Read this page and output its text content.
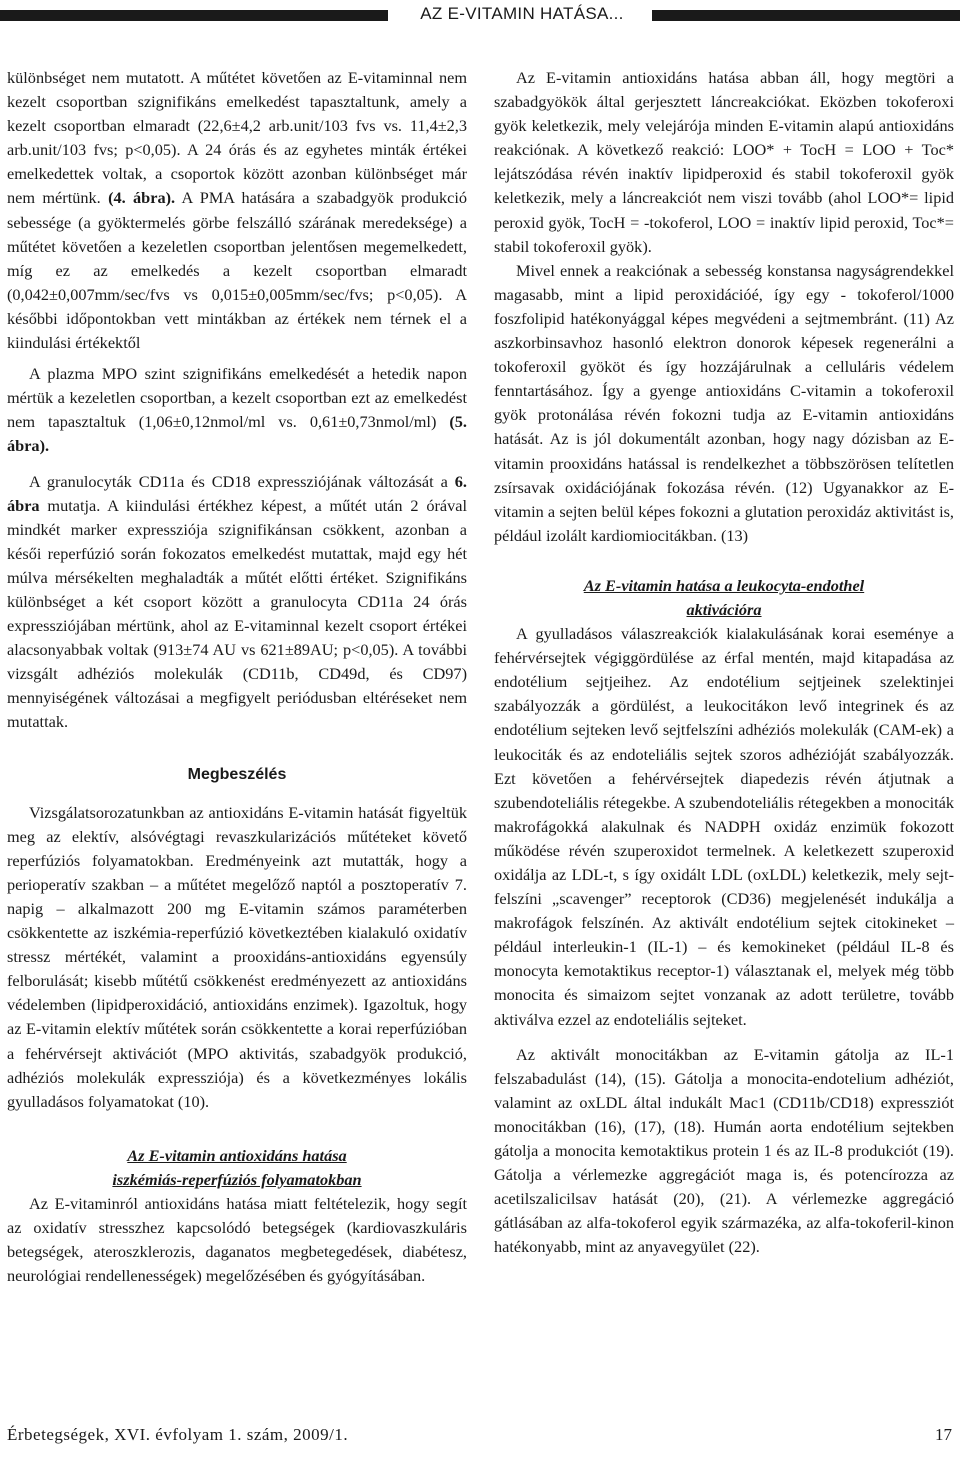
AZ E-VITAMIN HATÁSA...

különbséget nem mutatott. A műtétet követően az E-vitaminnal nem kezelt csoportban szignifikáns emelkedést tapasztaltunk, amely a kezelt csoportban elmaradt (22,6±4,2 arb.unit/103 fvs vs. 11,4±2,3 arb.unit/103 fvs; p<0,05). A 24 órás és az egyhetes minták értékei emelkedettek voltak, a csoportok között azonban különbséget már nem mértünk. (4. ábra). A PMA hatására a szabadgyök produkció sebessége (a gyöktermelés görbe felszálló szárának meredeksége) a műtétet követően a kezeletlen csoportban jelentősen megemelkedett, míg ez az emelkedés a kezelt csoportban elmaradt (0,042±0,007mm/sec/fvs vs 0,015±0,005mm/sec/fvs; p<0,05). A későbbi időpontokban vett mintákban az értékek nem térnek el a kiindulási értékektől

A plazma MPO szint szignifikáns emelkedését a hetedik napon mértük a kezeletlen csoportban, a kezelt csoportban ezt az emelkedést nem tapasztaltuk (1,06±0,12nmol/ml vs. 0,61±0,73nmol/ml) (5. ábra).

A granulocyták CD11a és CD18 expressziójának változását a 6. ábra mutatja. A kiindulási értékhez képest, a műtét után 2 órával mindkét marker expressziója szignifikánsan csökkent, azonban a késői reperfúzió során fokozatos emelkedést mutattak, majd egy hét múlva mérsékelten meghaladták a műtét előtti értéket. Szignifikáns különbséget a két csoport között a granulocyta CD11a 24 órás expressziójában mértünk, ahol az E-vitaminnal kezelt csoport értékei alacsonyabbak voltak (913±74 AU vs 621±89AU; p<0,05). A további vizsgált adhéziós molekulák (CD11b, CD49d, és CD97) mennyiségének változásai a megfigyelt periódusban eltéréseket nem mutattak.

Megbeszélés

Vizsgálatsorozatunkban az antioxidáns E-vitamin hatását figyeltük meg az elektív, alsóvégtagi revaszkularizációs műtéteket követő reperfúziós folyamatokban. Eredményeink azt mutatták, hogy a perioperatív szakban – a műtétet megelőző naptól a posztoperatív 7. napig – alkalmazott 200 mg E-vitamin számos paraméterben csökkentette az iszkémia-reperfúzió következtében kialakuló oxidatív stressz mértékét, valamint a prooxidáns-antioxidáns egyensúly felborulását; kisebb műtétű csökkenést eredményezett az antioxidáns védelemben (lipidperoxidáció, antioxidáns enzimek). Igazoltuk, hogy az E-vitamin elektív műtétek során csökkentette a korai reperfúzióban a fehérvérsejt aktivációt (MPO aktivitás, szabadgyök produkció, adhéziós molekulák expressziója) és a következményes lokális gyulladásos folyamatokat (10).

Az E-vitamin antioxidáns hatása

iszkémiás-reperfúziós folyamatokban

Az E-vitaminról antioxidáns hatása miatt feltételezik, hogy segít az oxidatív stresszhez kapcsolódó betegségek (kardiovaszkuláris betegségek, ateroszklerozis, daganatos megbetegedések, diabétesz, neurológiai rendellenességek) megelőzésében és gyógyításában.

Az E-vitamin antioxidáns hatása abban áll, hogy megtöri a szabadgyökök által gerjesztett láncreakciókat. Eközben tokoferoxi gyök keletkezik, mely velejárója minden E-vitamin alapú antioxidáns reakciónak. A következő reakció: LOO* + TocH = LOO + Toc* lejátszódása révén inaktív lipidperoxid és stabil tokoferoxil gyök keletkezik, mely a láncreakciót nem viszi tovább (ahol LOO*= lipid peroxid gyök, TocH = -tokoferol, LOO = inaktív lipid peroxid, Toc*= stabil tokoferoxil gyök).

Mivel ennek a reakciónak a sebesség konstansa nagyságrendekkel magasabb, mint a lipid peroxidációé, így egy - tokoferol/1000 foszfolipid hatékonyággal képes megvédeni a sejtmembránt. (11) Az aszkorbinsavhoz hasonló elektron donorok képesek regenerálni a tokoferoxil gyököt és így hozzájárulnak a celluláris védelem fenntartásához. Így a gyenge antioxidáns C-vitamin a tokoferoxil gyök protonálása révén fokozni tudja az E-vitamin antioxidáns hatását. Az is jól dokumentált azonban, hogy nagy dózisban az E-vitamin prooxidáns hatással is rendelkezhet a többszörösen telítetlen zsírsavak oxidációjának fokozása révén. (12) Ugyanakkor az E-vitamin a sejten belül képes fokozni a glutation peroxidáz aktivitást is, például izolált kardiomiocitákban. (13)

Az E-vitamin hatása a leukocyta-endothel

aktivációra

A gyulladásos válaszreakciók kialakulásának korai eseménye a fehérvérsejtek végiggördülése az érfal mentén, majd kitapadása az endotélium sejtjeihez. Az endotélium sejtjeinek szelektinjei szabályozzák a gördülést, a leukocitákon levő integrinek és az endotélium sejteken levő sejtfelszíni adhéziós molekulák (CAM-ek) a leukociták és az endoteliális sejtek szoros adhézióját szabályozzák. Ezt követően a fehérvérsejtek diapedezis révén átjutnak a szubendoteliális rétegekbe. A szubendoteliális rétegekben a monociták makrofágokká alakulnak és NADPH oxidáz enzimük fokozott működése révén szuperoxidot termelnek. A keletkezett szuperoxid oxidálja az LDL-t, s így oxidált LDL (oxLDL) keletkezik, mely sejt-felszíni „scavenger” receptorok (CD36) megjelenését indukálja a makrofágok felszínén. Az aktivált endotélium sejtek citokineket – például interleukin-1 (IL-1) – és kemokineket (például IL-8 és monocyta kemotaktikus receptor-1) választanak el, melyek még több monocita és simaizom sejtet vonzanak az adott területre, tovább aktiválva ezzel az endoteliális sejteket.

Az aktivált monocitákban az E-vitamin gátolja az IL-1 felszabadulást (14), (15). Gátolja a monocita-endotelium adhéziót, valamint az oxLDL által indukált Mac1 (CD11b/CD18) expressziót monocitákban (16), (17), (18). Humán aorta endotélium sejtekben gátolja a monocita kemotaktikus protein 1 és az IL-8 produkciót (19). Gátolja a vérlemezke aggregációt maga is, és potencírozza az acetilszalicilsav hatását (20), (21). A vérlemezke aggregáció gátlásában az alfa-tokoferol egyik származéka, az alfa-tokoferil-kinon hatékonyabb, mint az anyavegyület (22).

Érbetegségek, XVI. évfolyam 1. szám, 2009/1.	17
